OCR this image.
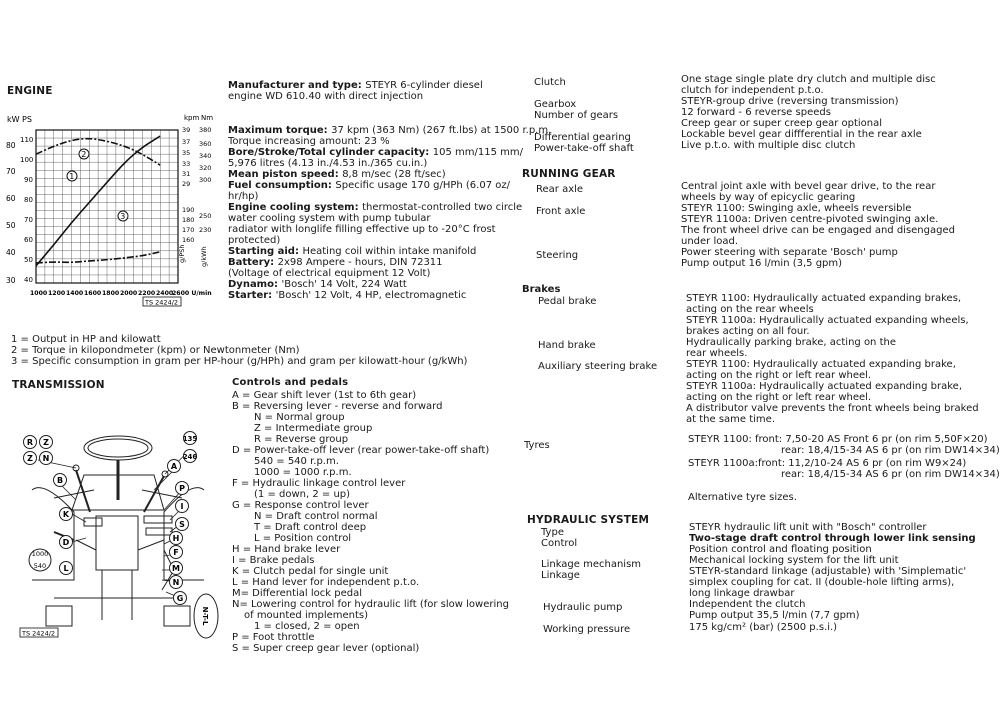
ENGINE
kW PS	kpm Nm
g/PSh g/kWh
80
70
60
50
40
30
110
100
90
80
70
60
50
40
39
37
35
33
31
29
380
360
340
320
300
190
180
170
160
250
230
1000 1200 1400 1600 1800 2000 2200 2400
2600 U/min
2
1
3
TS 2424/2
Manufacturer and type: STEYR 6-cylinder diesel
engine WD 610.40 with direct injection
Maximum torque: 37 kpm (363 Nm) (267 ft.lbs) at 1500 r.p.m.
Torque increasing amount: 23 %
Bore/Stroke/Total cylinder capacity: 105 mm/115 mm/
5,976 litres (4.13 in./4.53 in./365 cu.in.)
Mean piston speed: 8,8 m/sec (28 ft/sec)
Fuel consumption: Specific usage 170 g/HPh (6.07 oz/
hr/hp)
Engine cooling system: thermostat-controlled two circle
water cooling system with pump tubular
radiator with longlife filling effective up to -20°C frost
protected)
Starting aid: Heating coil within intake manifold
Battery: 2x98 Ampere - hours, DIN 72311
(Voltage of electrical equipment 12 Volt)
Dynamo: 'Bosch' 14 Volt, 224 Watt
Starter: 'Bosch' 12 Volt, 4 HP, electromagnetic
1 = Output in HP and kilowatt
2 = Torque in kilopondmeter (kpm) or Newtonmeter (Nm)
3 = Specific consumption in gram per HP-hour (g/HPh) and gram per kilowatt-hour (g/kWh)
TRANSMISSION
R Z
Z N
B
135
246
A
P
I
K
D
L
S
H
F
M
N
G
1000
540
N-T-L
TS 2424/2
Controls and pedals
A = Gear shift lever (1st to 6th gear)
B = Reversing lever - reverse and forward
N = Normal group
Z = Intermediate group
R = Reverse group
D = Power-take-off lever (rear power-take-off shaft)
540 = 540 r.p.m.
1000 = 1000 r.p.m.
F = Hydraulic linkage control lever
(1 = down, 2 = up)
G = Response control lever
N = Draft control normal
T = Draft control deep
L = Position control
H = Hand brake lever
I = Brake pedals
K = Clutch pedal for single unit
L = Hand lever for independent p.t.o.
M= Differential lock pedal
N= Lowering control for hydraulic lift (for slow lowering
of mounted implements)
1 = closed, 2 = open
P = Foot throttle
S = Super creep gear lever (optional)
Clutch
Gearbox
Number of gears
Differential gearing
Power-take-off shaft
One stage single plate dry clutch and multiple disc
clutch for independent p.t.o.
STEYR-group drive (reversing transmission)
12 forward - 6 reverse speeds
Creep gear or super creep gear optional
Lockable bevel gear diffferential in the rear axle
Live p.t.o. with multiple disc clutch
RUNNING GEAR
Rear axle
Front axle
Steering
Central joint axle with bevel gear drive, to the rear
wheels by way of epicyclic gearing
STEYR 1100: Swinging axle, wheels reversible
STEYR 1100a: Driven centre-pivoted swinging axle.
The front wheel drive can be engaged and disengaged
under load.
Power steering with separate 'Bosch' pump
Pump output 16 l/min (3,5 gpm)
Brakes
Pedal brake
Hand brake
Auxiliary steering brake
STEYR 1100: Hydraulically actuated expanding brakes,
acting on the rear wheels
STEYR 1100a: Hydraulically actuated expanding wheels,
brakes acting on all four.
Hydraulically parking brake, acting on the
rear wheels.
STEYR 1100: Hydraulically actuated expanding brake,
acting on the right or left rear wheel.
STEYR 1100a: Hydraulically actuated expanding brake,
acting on the right or left rear wheel.
A distributor valve prevents the front wheels being braked
at the same time.
Tyres
STEYR 1100: front: 7,50-20 AS Front 6 pr (on rim 5,50F×20)
rear: 18,4/15-34 AS 6 pr (on rim DW14×34)
STEYR 1100a:front: 11,2/10-24 AS 6 pr (on rim W9×24)
rear: 18,4/15-34 AS 6 pr (on rim DW14×34)
Alternative tyre sizes.
HYDRAULIC SYSTEM
Type
Control
Linkage mechanism
Linkage
Hydraulic pump
Working pressure
STEYR hydraulic lift unit with "Bosch" controller
Two-stage draft control through lower link sensing
Position control and floating position
Mechanical locking system for the lift unit
STEYR-standard linkage (adjustable) with 'Simplematic'
simplex coupling for cat. II (double-hole lifting arms),
long linkage drawbar
Independent the clutch
Pump output 35,5 l/min (7,7 gpm)
175 kg/cm² (bar) (2500 p.s.i.)
